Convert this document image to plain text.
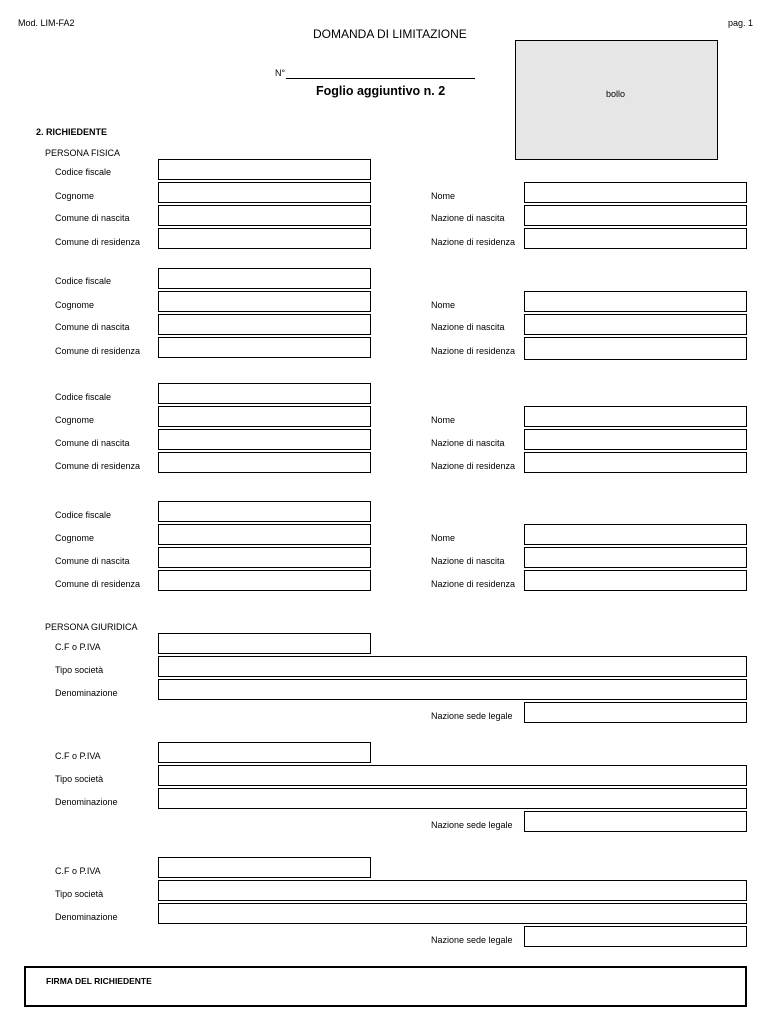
Mod. LIM-FA2	pag. 1
DOMANDA DI LIMITAZIONE
N°
Foglio aggiuntivo n. 2	bollo
2. RICHIEDENTE
PERSONA FISICA
Codice fiscale
Cognome	Nome
Comune di nascita	Nazione di nascita
Comune di residenza	Nazione di residenza
Codice fiscale
Cognome	Nome
Comune di nascita	Nazione di nascita
Comune di residenza	Nazione di residenza
Codice fiscale
Cognome	Nome
Comune di nascita	Nazione di nascita
Comune di residenza	Nazione di residenza
Codice fiscale
Cognome	Nome
Comune di nascita	Nazione di nascita
Comune di residenza	Nazione di residenza
PERSONA GIURIDICA
C.F o P.IVA
Tipo società
Denominazione
Nazione sede legale
C.F o P.IVA
Tipo società
Denominazione
Nazione sede legale
C.F o P.IVA
Tipo società
Denominazione
Nazione sede legale
FIRMA DEL RICHIEDENTE
